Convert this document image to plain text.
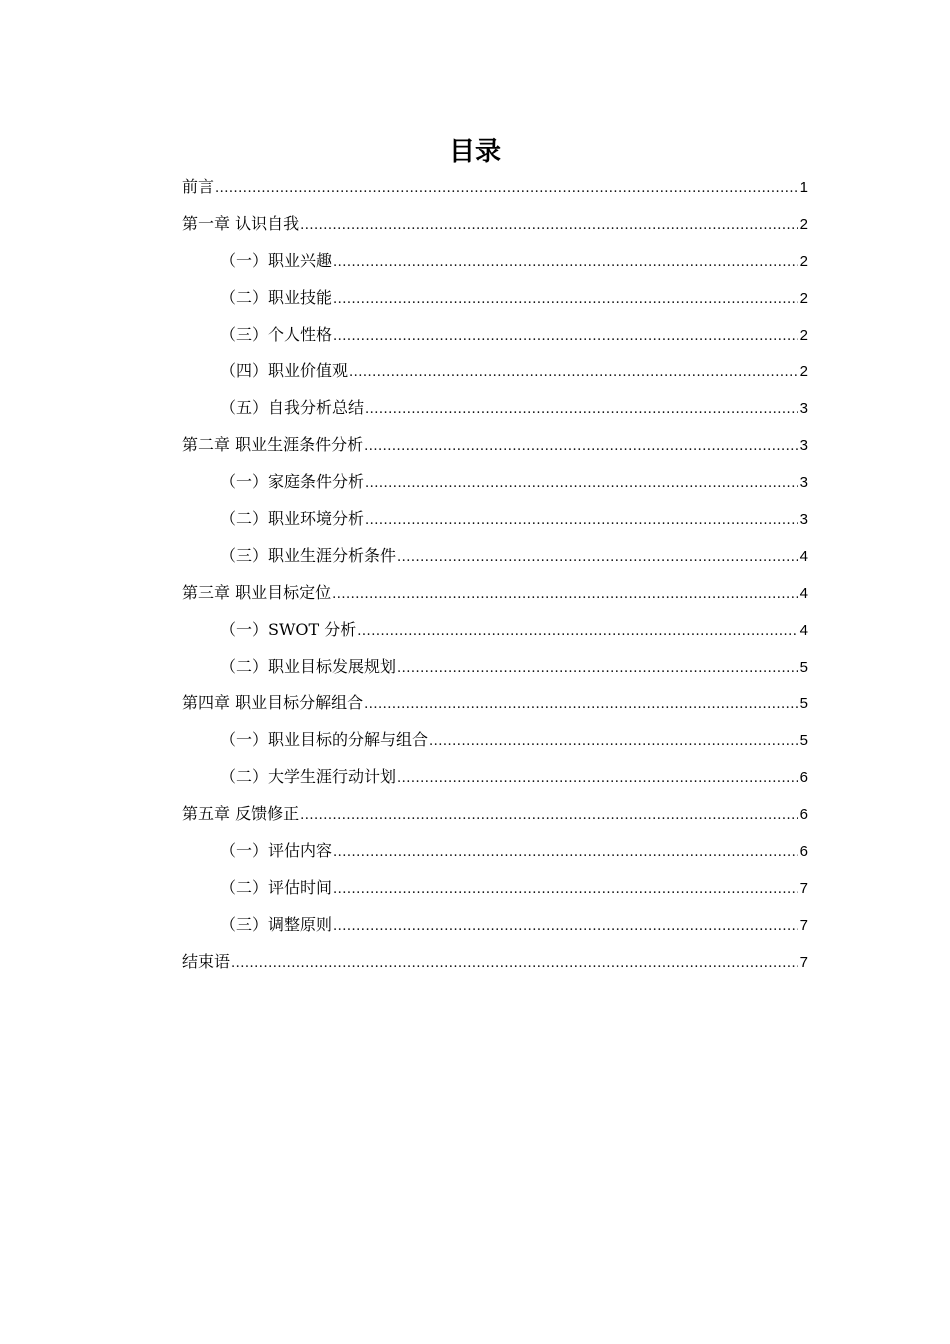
目录
前言 .....	1
第一章 认识自我 .....	2
（一）职业兴趣 .....	2
（二）职业技能 .....	2
（三）个人性格 .....	2
（四）职业价值观 .....	2
（五）自我分析总结 .....	3
第二章 职业生涯条件分析 .....	3
（一）家庭条件分析 .....	3
（二）职业环境分析 .....	3
（三）职业生涯分析条件 .....	4
第三章 职业目标定位 .....	4
（一）SWOT 分析 .....	4
（二）职业目标发展规划 .....	5
第四章 职业目标分解组合 .....	5
（一）职业目标的分解与组合 .....	5
（二）大学生涯行动计划 .....	6
第五章 反馈修正 .....	6
（一）评估内容 .....	6
（二）评估时间 .....	7
（三）调整原则 .....	7
结束语 .....	7
